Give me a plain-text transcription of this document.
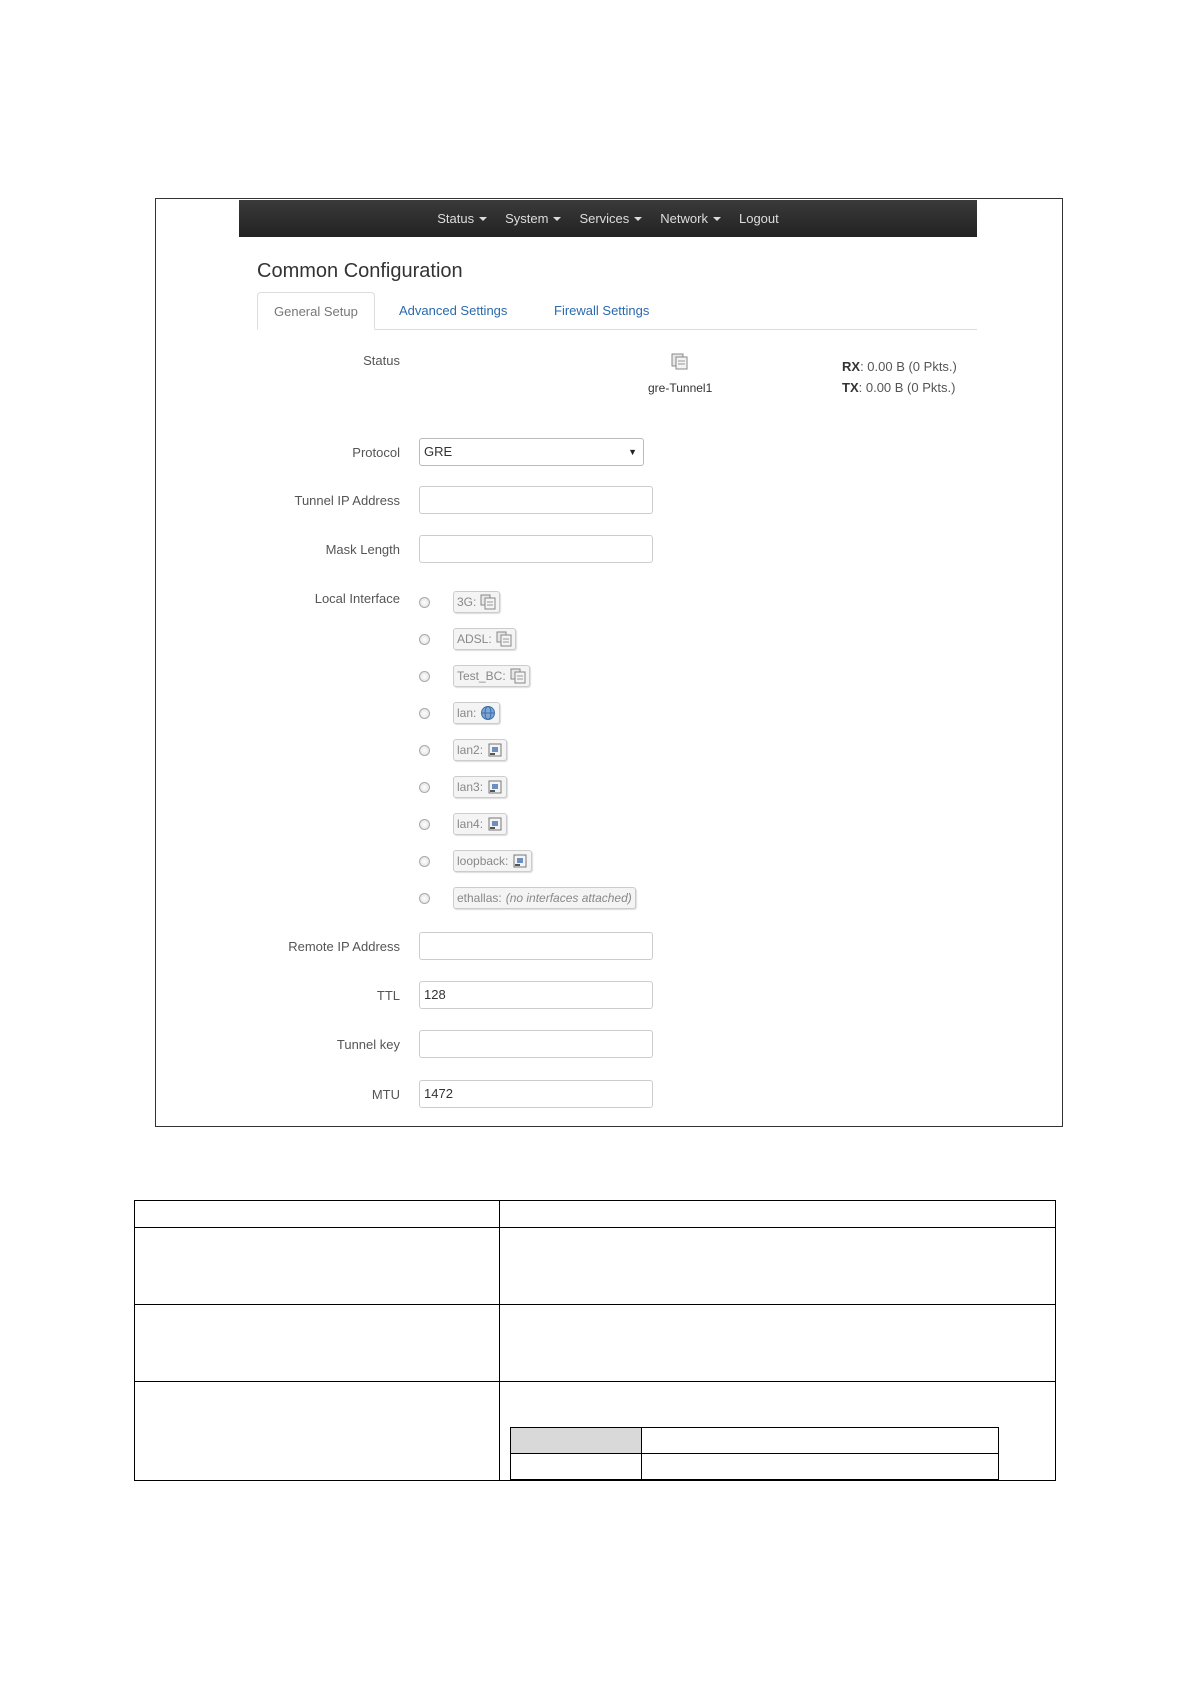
Status System Services Network Logout
Common Configuration
General Setup	Advanced Settings	Firewall Settings
Status
gre-Tunnel1
RX: 0.00 B (0 Pkts.)
TX: 0.00 B (0 Pkts.)
Protocol	GRE	▼
Tunnel IP Address
Mask Length
Local Interface	3G:
ADSL:
Test_BC:
lan:
lan2:
lan3:
lan4:
loopback:
ethallas: (no interfaces attached)
Remote IP Address
TTL	128
Tunnel key
MTU	1472
